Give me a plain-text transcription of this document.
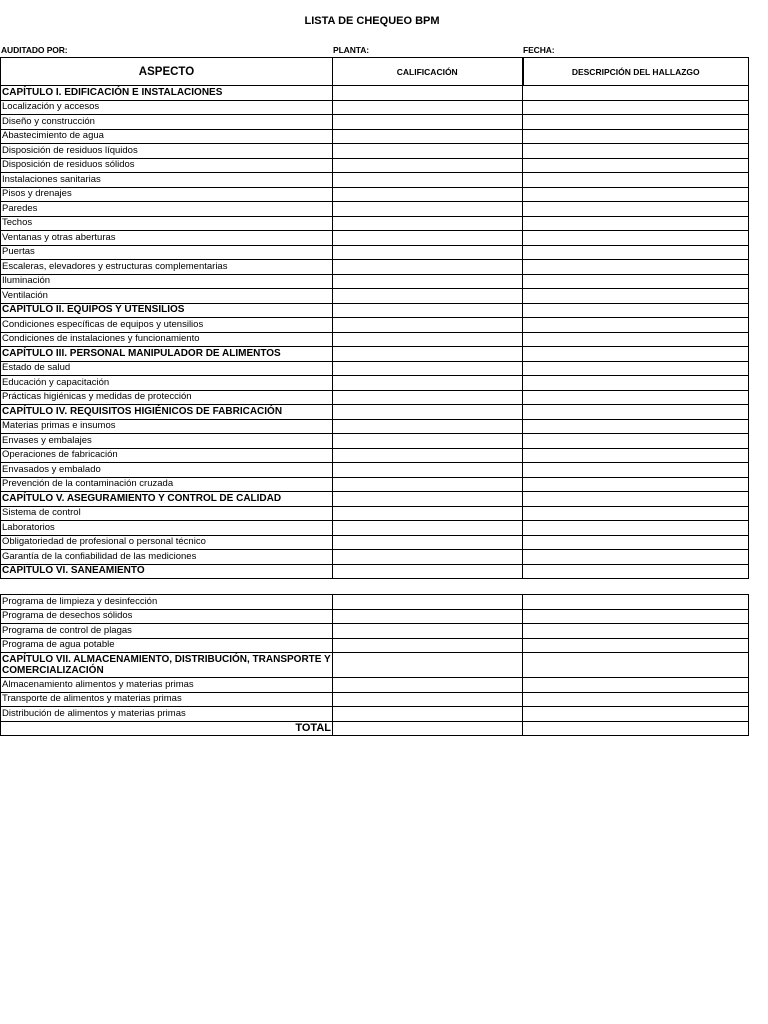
LISTA DE CHEQUEO BPM
AUDITADO POR:	PLANTA:	FECHA:
ASPECTO	CALIFICACIÓN	DESCRIPCIÓN DEL HALLAZGO
CAPÍTULO I. EDIFICACIÓN E INSTALACIONES		
Localización y accesos		
Diseño y construcción		
Abastecimiento de agua		
Disposición de residuos líquidos		
Disposición de residuos sólidos		
Instalaciones sanitarias		
Pisos y drenajes		
Paredes		
Techos		
Ventanas y otras aberturas		
Puertas		
Escaleras, elevadores y estructuras complementarias		
Iluminación		
Ventilación		
CAPÍTULO II. EQUIPOS Y UTENSILIOS		
Condiciones específicas de equipos y utensilios		
Condiciones de instalaciones y funcionamiento		
CAPÍTULO III. PERSONAL MANIPULADOR DE ALIMENTOS		
Estado de salud		
Educación y capacitación		
Prácticas higiénicas y medidas de protección		
CAPÍTULO IV. REQUISITOS HIGIÉNICOS DE FABRICACIÓN		
Materias primas e insumos		
Envases y embalajes		
Operaciones de fabricación		
Envasados y embalado		
Prevención de la contaminación cruzada		
CAPÍTULO V. ASEGURAMIENTO Y CONTROL DE CALIDAD		
Sistema de control		
Laboratorios		
Obligatoriedad de profesional o personal técnico		
Garantía de la confiabilidad de las mediciones		
CAPÍTULO VI. SANEAMIENTO		
Programa de limpieza y desinfección		
Programa de desechos sólidos		
Programa de control de plagas		
Programa de agua potable		
CAPÍTULO VII. ALMACENAMIENTO, DISTRIBUCIÓN, TRANSPORTE Y COMERCIALIZACIÓN		
Almacenamiento alimentos y materias primas		
Transporte de alimentos y materias primas		
Distribución de alimentos y materias primas		
TOTAL		
